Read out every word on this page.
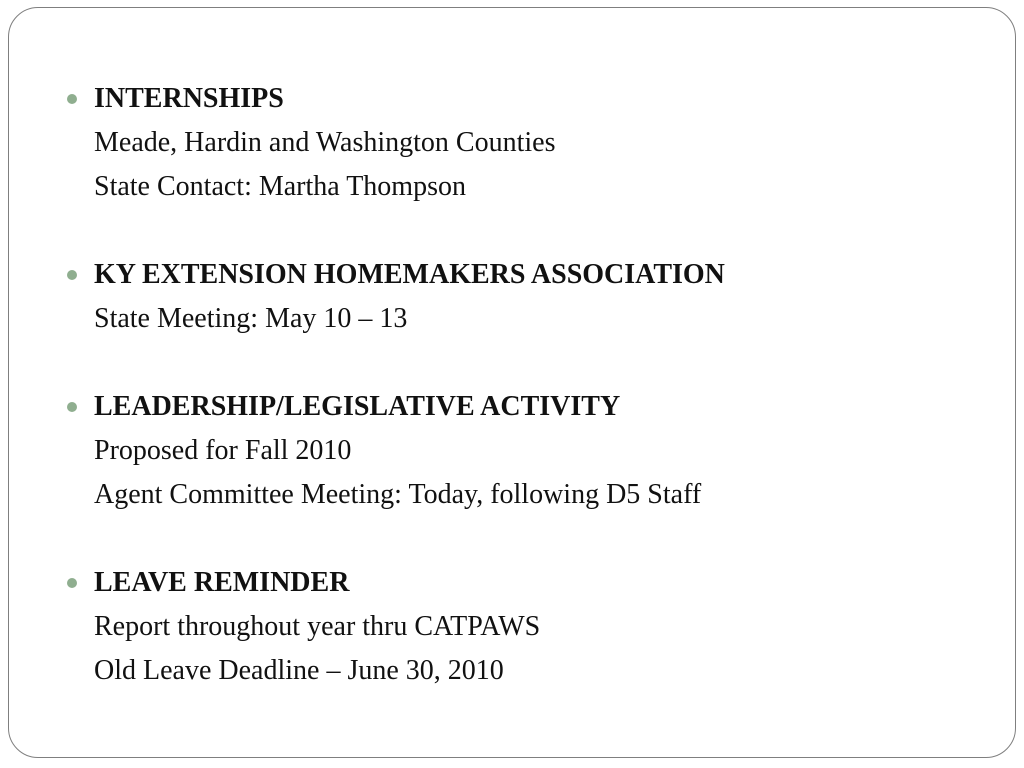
INTERNSHIPS
Meade, Hardin and Washington Counties
State Contact: Martha Thompson
KY EXTENSION HOMEMAKERS ASSOCIATION
State Meeting: May 10 – 13
LEADERSHIP/LEGISLATIVE ACTIVITY
Proposed for Fall 2010
Agent Committee Meeting: Today, following D5 Staff
LEAVE REMINDER
Report throughout year thru CATPAWS
Old Leave Deadline – June 30, 2010
